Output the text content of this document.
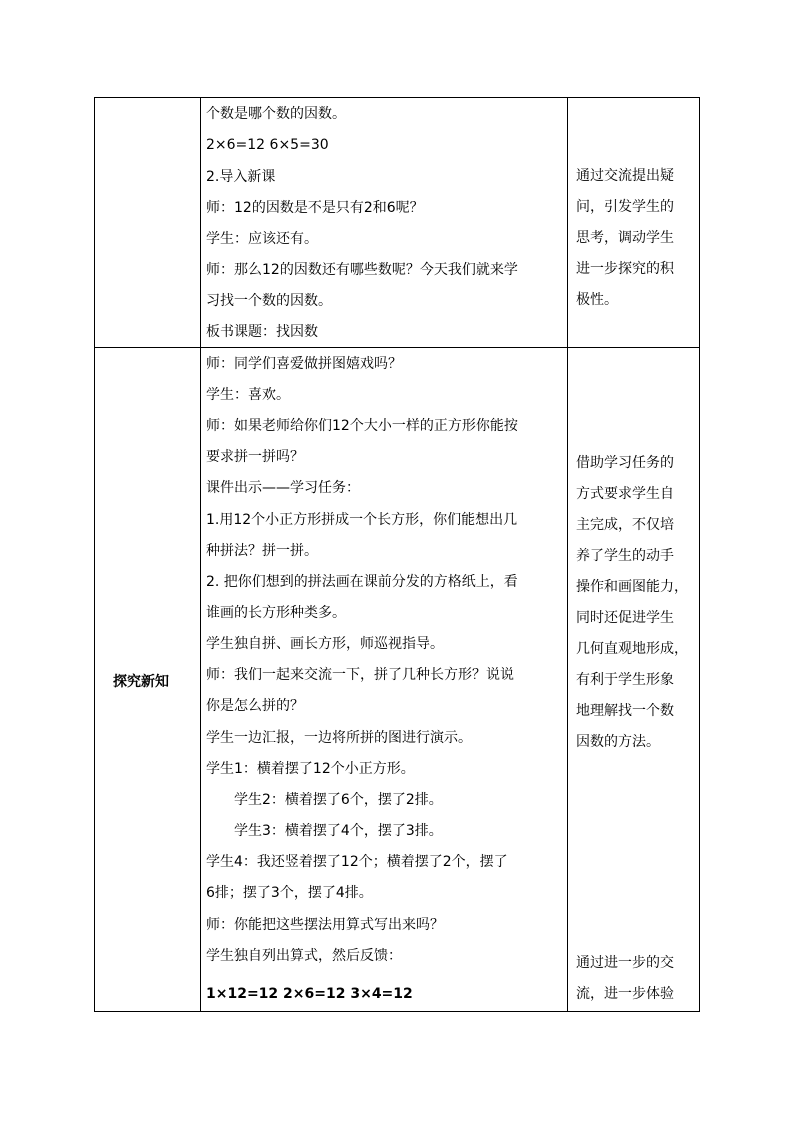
个数是哪个数的因数。
2×6=12 6×5=30
2.导入新课
师：12的因数是不是只有2和6呢？
学生：应该还有。
师：那么12的因数还有哪些数呢？今天我们就来学
习找一个数的因数。
板书课题：找因数
通过交流提出疑
问，引发学生的
思考，调动学生
进一步探究的积
极性。
探究新知
师：同学们喜爱做拼图嬉戏吗？
学生：喜欢。
师：如果老师给你们12个大小一样的正方形你能按
要求拼一拼吗？
课件出示——学习任务：
1.用12个小正方形拼成一个长方形，你们能想出几
种拼法？拼一拼。
2. 把你们想到的拼法画在课前分发的方格纸上，看
谁画的长方形种类多。
学生独自拼、画长方形，师巡视指导。
师：我们一起来交流一下，拼了几种长方形？说说
你是怎么拼的？
学生一边汇报，一边将所拼的图进行演示。
学生1：横着摆了12个小正方形。
学生2：横着摆了6个，摆了2排。
学生3：横着摆了4个，摆了3排。
学生4：我还竖着摆了12个；横着摆了2个，摆了
6排；摆了3个，摆了4排。
师：你能把这些摆法用算式写出来吗？
学生独自列出算式，然后反馈：
1×12=12 2×6=12 3×4=12
借助学习任务的
方式要求学生自
主完成，不仅培
养了学生的动手
操作和画图能力，
同时还促进学生
几何直观地形成，
有利于学生形象
地理解找一个数
因数的方法。
通过进一步的交
流，进一步体验
